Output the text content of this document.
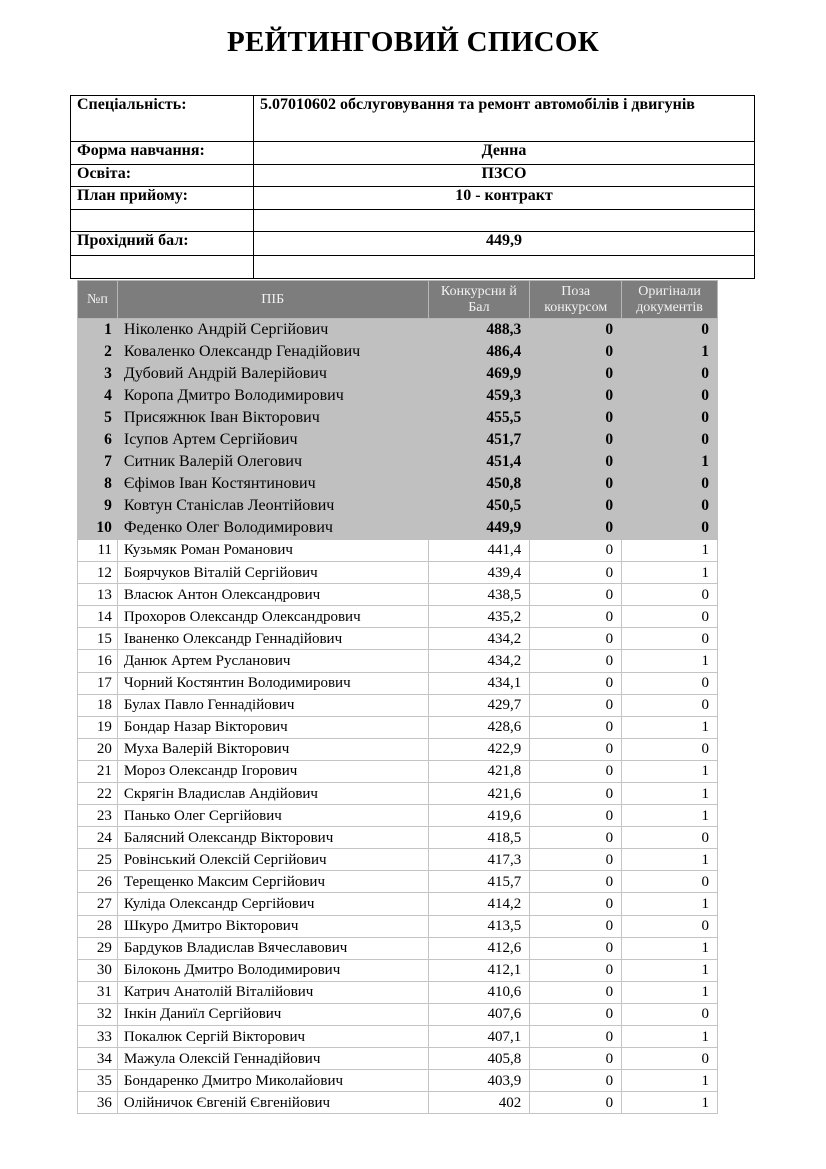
РЕЙТИНГОВИЙ СПИСОК
Спеціальність:	5.07010602 обслуговування та ремонт автомобілів і двигунів
Форма навчання:	Денна
Освіта:	ПЗСО
План прийому:	10 - контракт

Прохідний бал:	449,9

№п	ПІБ	Конкурсни й Бал	Поза конкурсом	Оригінали документів
1	Ніколенко Андрій Сергійович	488,3	0	0
2	Коваленко Олександр Генадійович	486,4	0	1
3	Дубовий Андрій Валерійович	469,9	0	0
4	Коропа Дмитро Володимирович	459,3	0	0
5	Присяжнюк Іван Вікторович	455,5	0	0
6	Ісупов Артем Сергійович	451,7	0	0
7	Ситник Валерій Олегович	451,4	0	1
8	Єфімов Іван Костянтинович	450,8	0	0
9	Ковтун Станіслав Леонтійович	450,5	0	0
10	Феденко Олег Володимирович	449,9	0	0
11	Кузьмяк Роман Романович	441,4	0	1
12	Боярчуков Віталій Сергійович	439,4	0	1
13	Власюк Антон Олександрович	438,5	0	0
14	Прохоров Олександр Олександрович	435,2	0	0
15	Іваненко Олександр Геннадійович	434,2	0	0
16	Данюк Артем Русланович	434,2	0	1
17	Чорний Костянтин Володимирович	434,1	0	0
18	Булах Павло Геннадійович	429,7	0	0
19	Бондар Назар Вікторович	428,6	0	1
20	Муха Валерій Вікторович	422,9	0	0
21	Мороз Олександр Ігорович	421,8	0	1
22	Скрягін Владислав Андійович	421,6	0	1
23	Панько Олег Сергійович	419,6	0	1
24	Балясний Олександр Вікторович	418,5	0	0
25	Ровінський Олексій Сергійович	417,3	0	1
26	Терещенко Максим Сергійович	415,7	0	0
27	Куліда Олександр Сергійович	414,2	0	1
28	Шкуро Дмитро Вікторович	413,5	0	0
29	Бардуков Владислав Вячеславович	412,6	0	1
30	Білоконь Дмитро Володимирович	412,1	0	1
31	Катрич Анатолій Віталійович	410,6	0	1
32	Інкін Даниїл Сергійович	407,6	0	0
33	Покалюк Сергій Вікторович	407,1	0	1
34	Мажула Олексій Геннадійович	405,8	0	0
35	Бондаренко Дмитро Миколайович	403,9	0	1
36	Олійничок Євгеній Євгенійович	402	0	1
